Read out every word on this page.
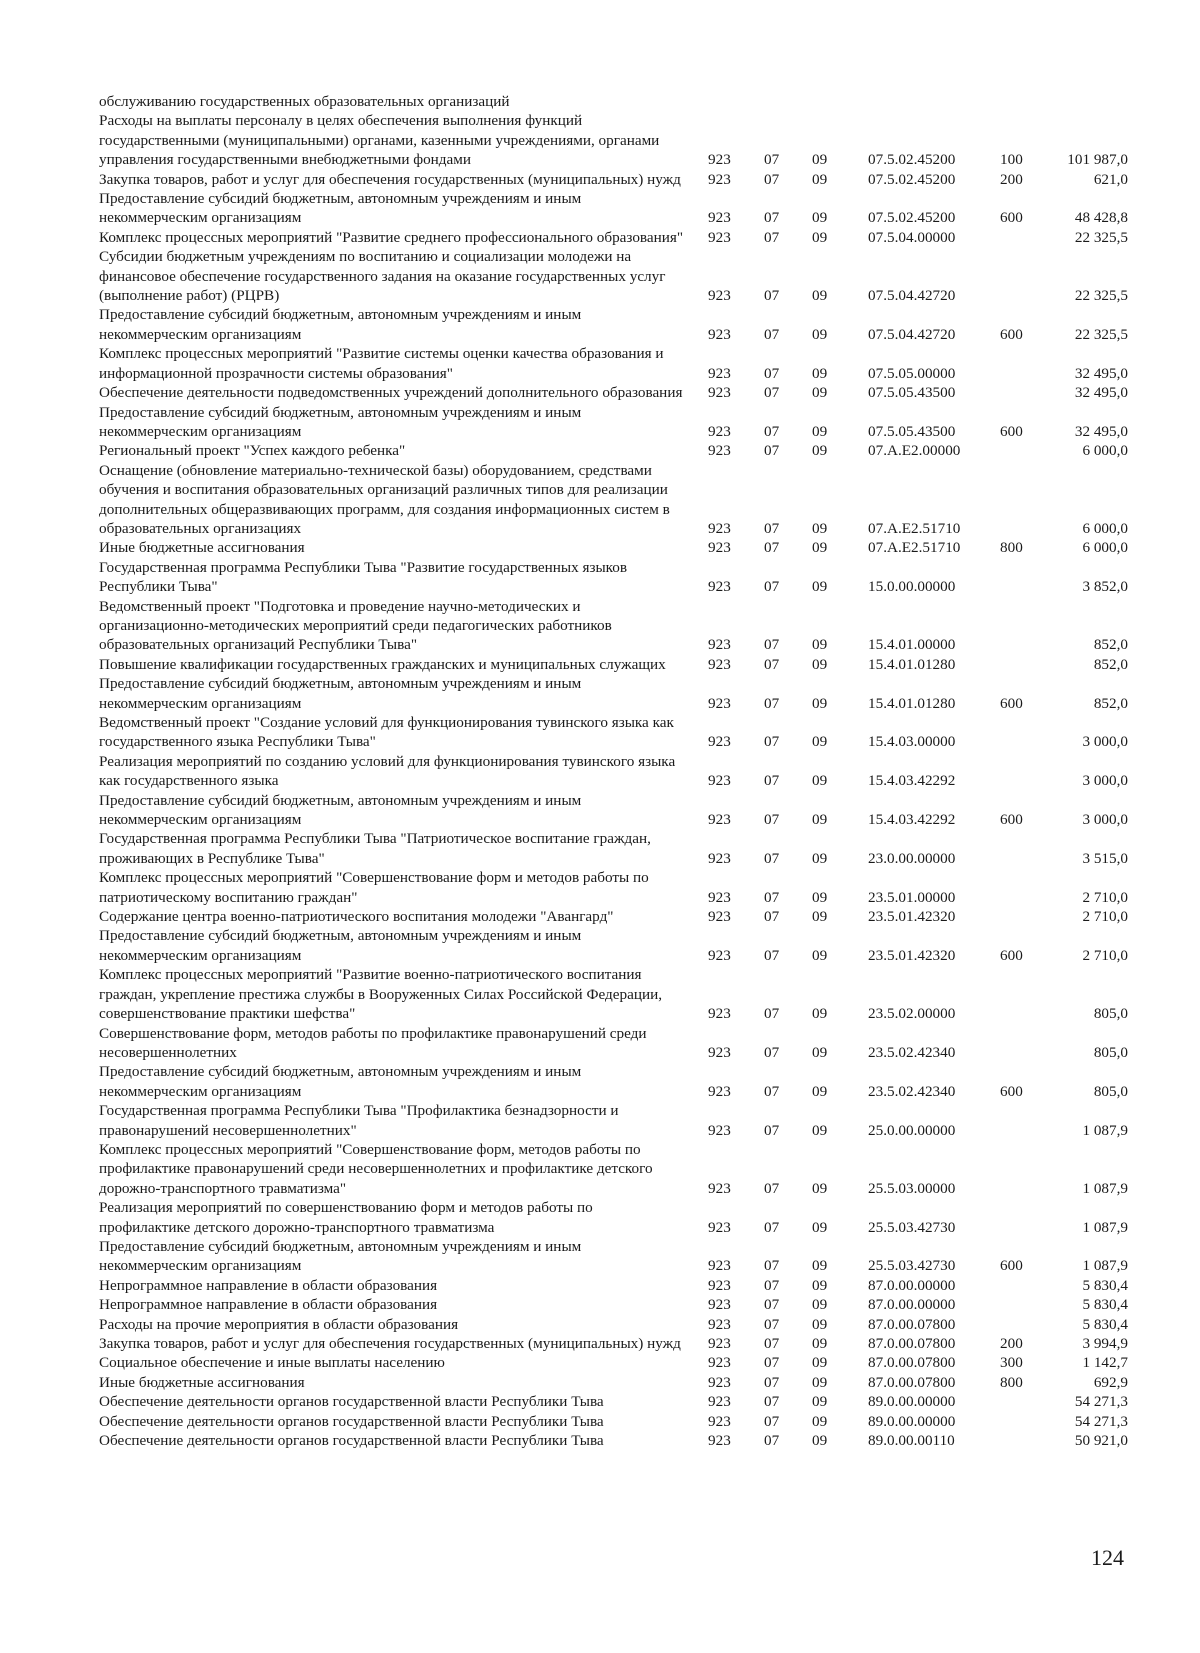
обслуживанию государственных образовательных организаций
Расходы на выплаты персоналу в целях обеспечения выполнения функций государственными (муниципальными) органами, казенными учреждениями, органами управления государственными внебюджетными фондами	923 07 09	07.5.02.45200	100	101 987,0
Закупка товаров, работ и услуг для обеспечения государственных (муниципальных) нужд 923 07 09	07.5.02.45200	200	621,0
Предоставление субсидий бюджетным, автономным учреждениям и иным некоммерческим организациям	923 07 09	07.5.02.45200	600	48 428,8
Комплекс процессных мероприятий "Развитие среднего профессионального образования" 923 07 09	07.5.04.00000	22 325,5
Субсидии бюджетным учреждениям по воспитанию и социализации молодежи на финансовое обеспечение государственного задания на оказание государственных услуг (выполнение работ) (РЦРВ)	923 07 09	07.5.04.42720	22 325,5
Предоставление субсидий бюджетным, автономным учреждениям и иным некоммерческим организациям	923 07 09	07.5.04.42720	600	22 325,5
Комплекс процессных мероприятий "Развитие системы оценки качества образования и информационной прозрачности системы образования"	923 07 09	07.5.05.00000	32 495,0
Обеспечение деятельности подведомственных учреждений дополнительного образования 923 07 09	07.5.05.43500	32 495,0
Предоставление субсидий бюджетным, автономным учреждениям и иным некоммерческим организациям	923 07 09	07.5.05.43500	600	32 495,0
Региональный проект "Успех каждого ребенка"	923 07 09	07.А.Е2.00000	6 000,0
Оснащение (обновление материально-технической базы) оборудованием, средствами обучения и воспитания образовательных организаций различных типов для реализации дополнительных общеразвивающих программ, для создания информационных систем в образовательных организациях	923 07 09	07.А.Е2.51710	6 000,0
Иные бюджетные ассигнования	923 07 09	07.А.Е2.51710	800	6 000,0
Государственная программа Республики Тыва "Развитие государственных языков Республики Тыва"	923 07 09	15.0.00.00000	3 852,0
Ведомственный проект "Подготовка и проведение научно-методических и организационно-методических мероприятий среди педагогических работников образовательных организаций Республики Тыва"	923 07 09	15.4.01.00000	852,0
Повышение квалификации государственных гражданских и муниципальных служащих	923 07 09	15.4.01.01280	852,0
Предоставление субсидий бюджетным, автономным учреждениям и иным некоммерческим организациям	923 07 09	15.4.01.01280	600	852,0
Ведомственный проект "Создание условий для функционирования тувинского языка как государственного языка Республики Тыва"	923 07 09	15.4.03.00000	3 000,0
Реализация мероприятий по созданию условий для функционирования тувинского языка как государственного языка	923 07 09	15.4.03.42292	3 000,0
Предоставление субсидий бюджетным, автономным учреждениям и иным некоммерческим организациям	923 07 09	15.4.03.42292	600	3 000,0
Государственная программа Республики Тыва "Патриотическое воспитание граждан, проживающих в Республике Тыва"	923 07 09	23.0.00.00000	3 515,0
Комплекс процессных мероприятий "Совершенствование форм и методов работы по патриотическому воспитанию граждан"	923 07 09	23.5.01.00000	2 710,0
Содержание центра военно-патриотического воспитания молодежи "Авангард"	923 07 09	23.5.01.42320	2 710,0
Предоставление субсидий бюджетным, автономным учреждениям и иным некоммерческим организациям	923 07 09	23.5.01.42320	600	2 710,0
Комплекс процессных мероприятий "Развитие военно-патриотического воспитания граждан, укрепление престижа службы в Вооруженных Силах Российской Федерации, совершенствование практики шефства"	923 07 09	23.5.02.00000	805,0
Совершенствование форм, методов работы по профилактике правонарушений среди несовершеннолетних	923 07 09	23.5.02.42340	805,0
Предоставление субсидий бюджетным, автономным учреждениям и иным некоммерческим организациям	923 07 09	23.5.02.42340	600	805,0
Государственная программа Республики Тыва "Профилактика безнадзорности и правонарушений несовершеннолетних"	923 07 09	25.0.00.00000	1 087,9
Комплекс процессных мероприятий "Совершенствование форм, методов работы по профилактике правонарушений среди несовершеннолетних и профилактике детского дорожно-транспортного травматизма"	923 07 09	25.5.03.00000	1 087,9
Реализация мероприятий по совершенствованию форм и методов работы по профилактике детского дорожно-транспортного травматизма	923 07 09	25.5.03.42730	1 087,9
Предоставление субсидий бюджетным, автономным учреждениям и иным некоммерческим организациям	923 07 09	25.5.03.42730	600	1 087,9
Непрограммное направление в области образования	923 07 09	87.0.00.00000	5 830,4
Непрограммное направление в области образования	923 07 09	87.0.00.00000	5 830,4
Расходы на прочие мероприятия в области образования	923 07 09	87.0.00.07800	5 830,4
Закупка товаров, работ и услуг для обеспечения государственных (муниципальных) нужд 923 07 09	87.0.00.07800	200	3 994,9
Социальное обеспечение и иные выплаты населению	923 07 09	87.0.00.07800	300	1 142,7
Иные бюджетные ассигнования	923 07 09	87.0.00.07800	800	692,9
Обеспечение деятельности органов государственной власти Республики Тыва	923 07 09	89.0.00.00000	54 271,3
Обеспечение деятельности органов государственной власти Республики Тыва	923 07 09	89.0.00.00000	54 271,3
Обеспечение деятельности органов государственной власти Республики Тыва	923 07 09	89.0.00.00110	50 921,0
124
